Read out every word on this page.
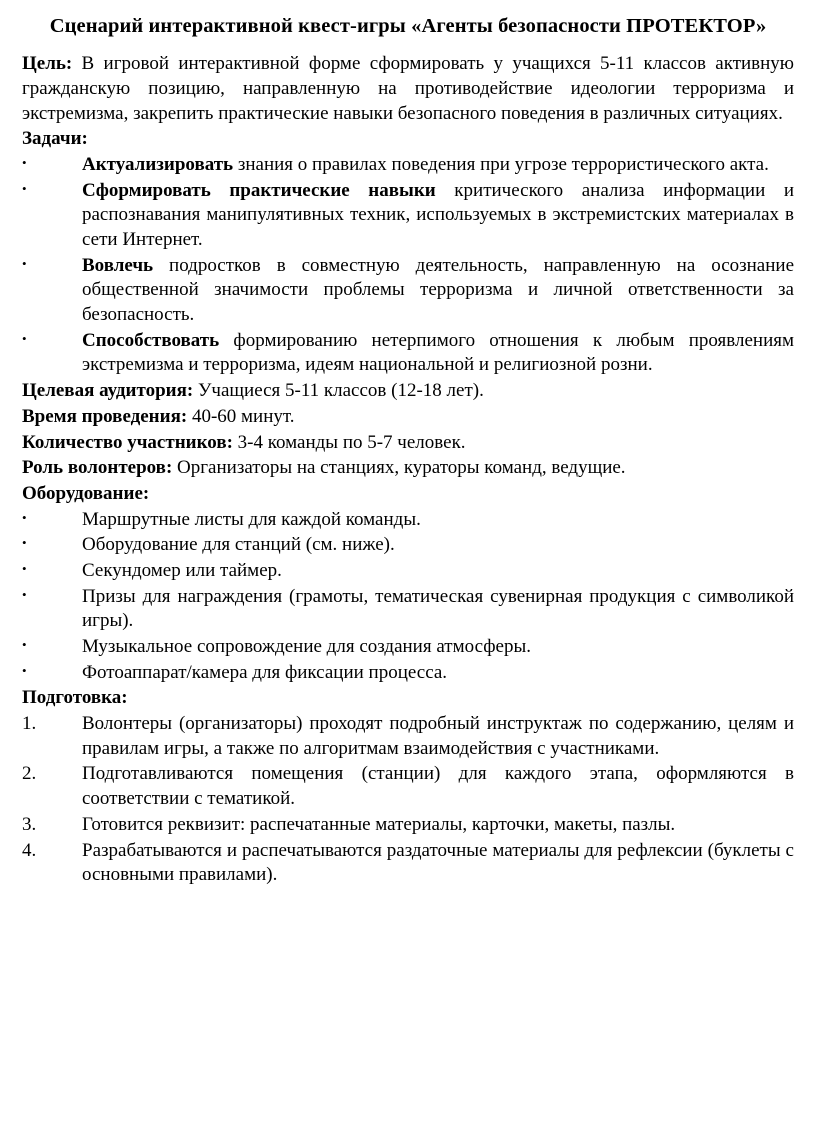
Сценарий интерактивной квест-игры «Агенты безопасности ПРОТЕКТОР»

Цель: В игровой интерактивной форме сформировать у учащихся 5-11 классов активную гражданскую позицию, направленную на противодействие идеологии терроризма и экстремизма, закрепить практические навыки безопасного поведения в различных ситуациях.

Задачи:

•	Актуализировать знания о правилах поведения при угрозе террористического акта.
•	Сформировать практические навыки критического анализа информации и распознавания манипулятивных техник, используемых в экстремистских материалах в сети Интернет.
•	Вовлечь подростков в совместную деятельность, направленную на осознание общественной значимости проблемы терроризма и личной ответственности за безопасность.
•	Способствовать формированию нетерпимого отношения к любым проявлениям экстремизма и терроризма, идеям национальной и религиозной розни.

Целевая аудитория: Учащиеся 5-11 классов (12-18 лет).

Время проведения: 40-60 минут.

Количество участников: 3-4 команды по 5-7 человек.

Роль волонтеров: Организаторы на станциях, кураторы команд, ведущие.

Оборудование:

•	Маршрутные листы для каждой команды.
•	Оборудование для станций (см. ниже).
•	Секундомер или таймер.
•	Призы для награждения (грамоты, тематическая сувенирная продукция с символикой игры).
•	Музыкальное сопровождение для создания атмосферы.
•	Фотоаппарат/камера для фиксации процесса.

Подготовка:

1. Волонтеры (организаторы) проходят подробный инструктаж по содержанию, целям и правилам игры, а также по алгоритмам взаимодействия с участниками.
2. Подготавливаются помещения (станции) для каждого этапа, оформляются в соответствии с тематикой.
3. Готовится реквизит: распечатанные материалы, карточки, макеты, пазлы.
4. Разрабатываются и распечатываются раздаточные материалы для рефлексии (буклеты с основными правилами).
